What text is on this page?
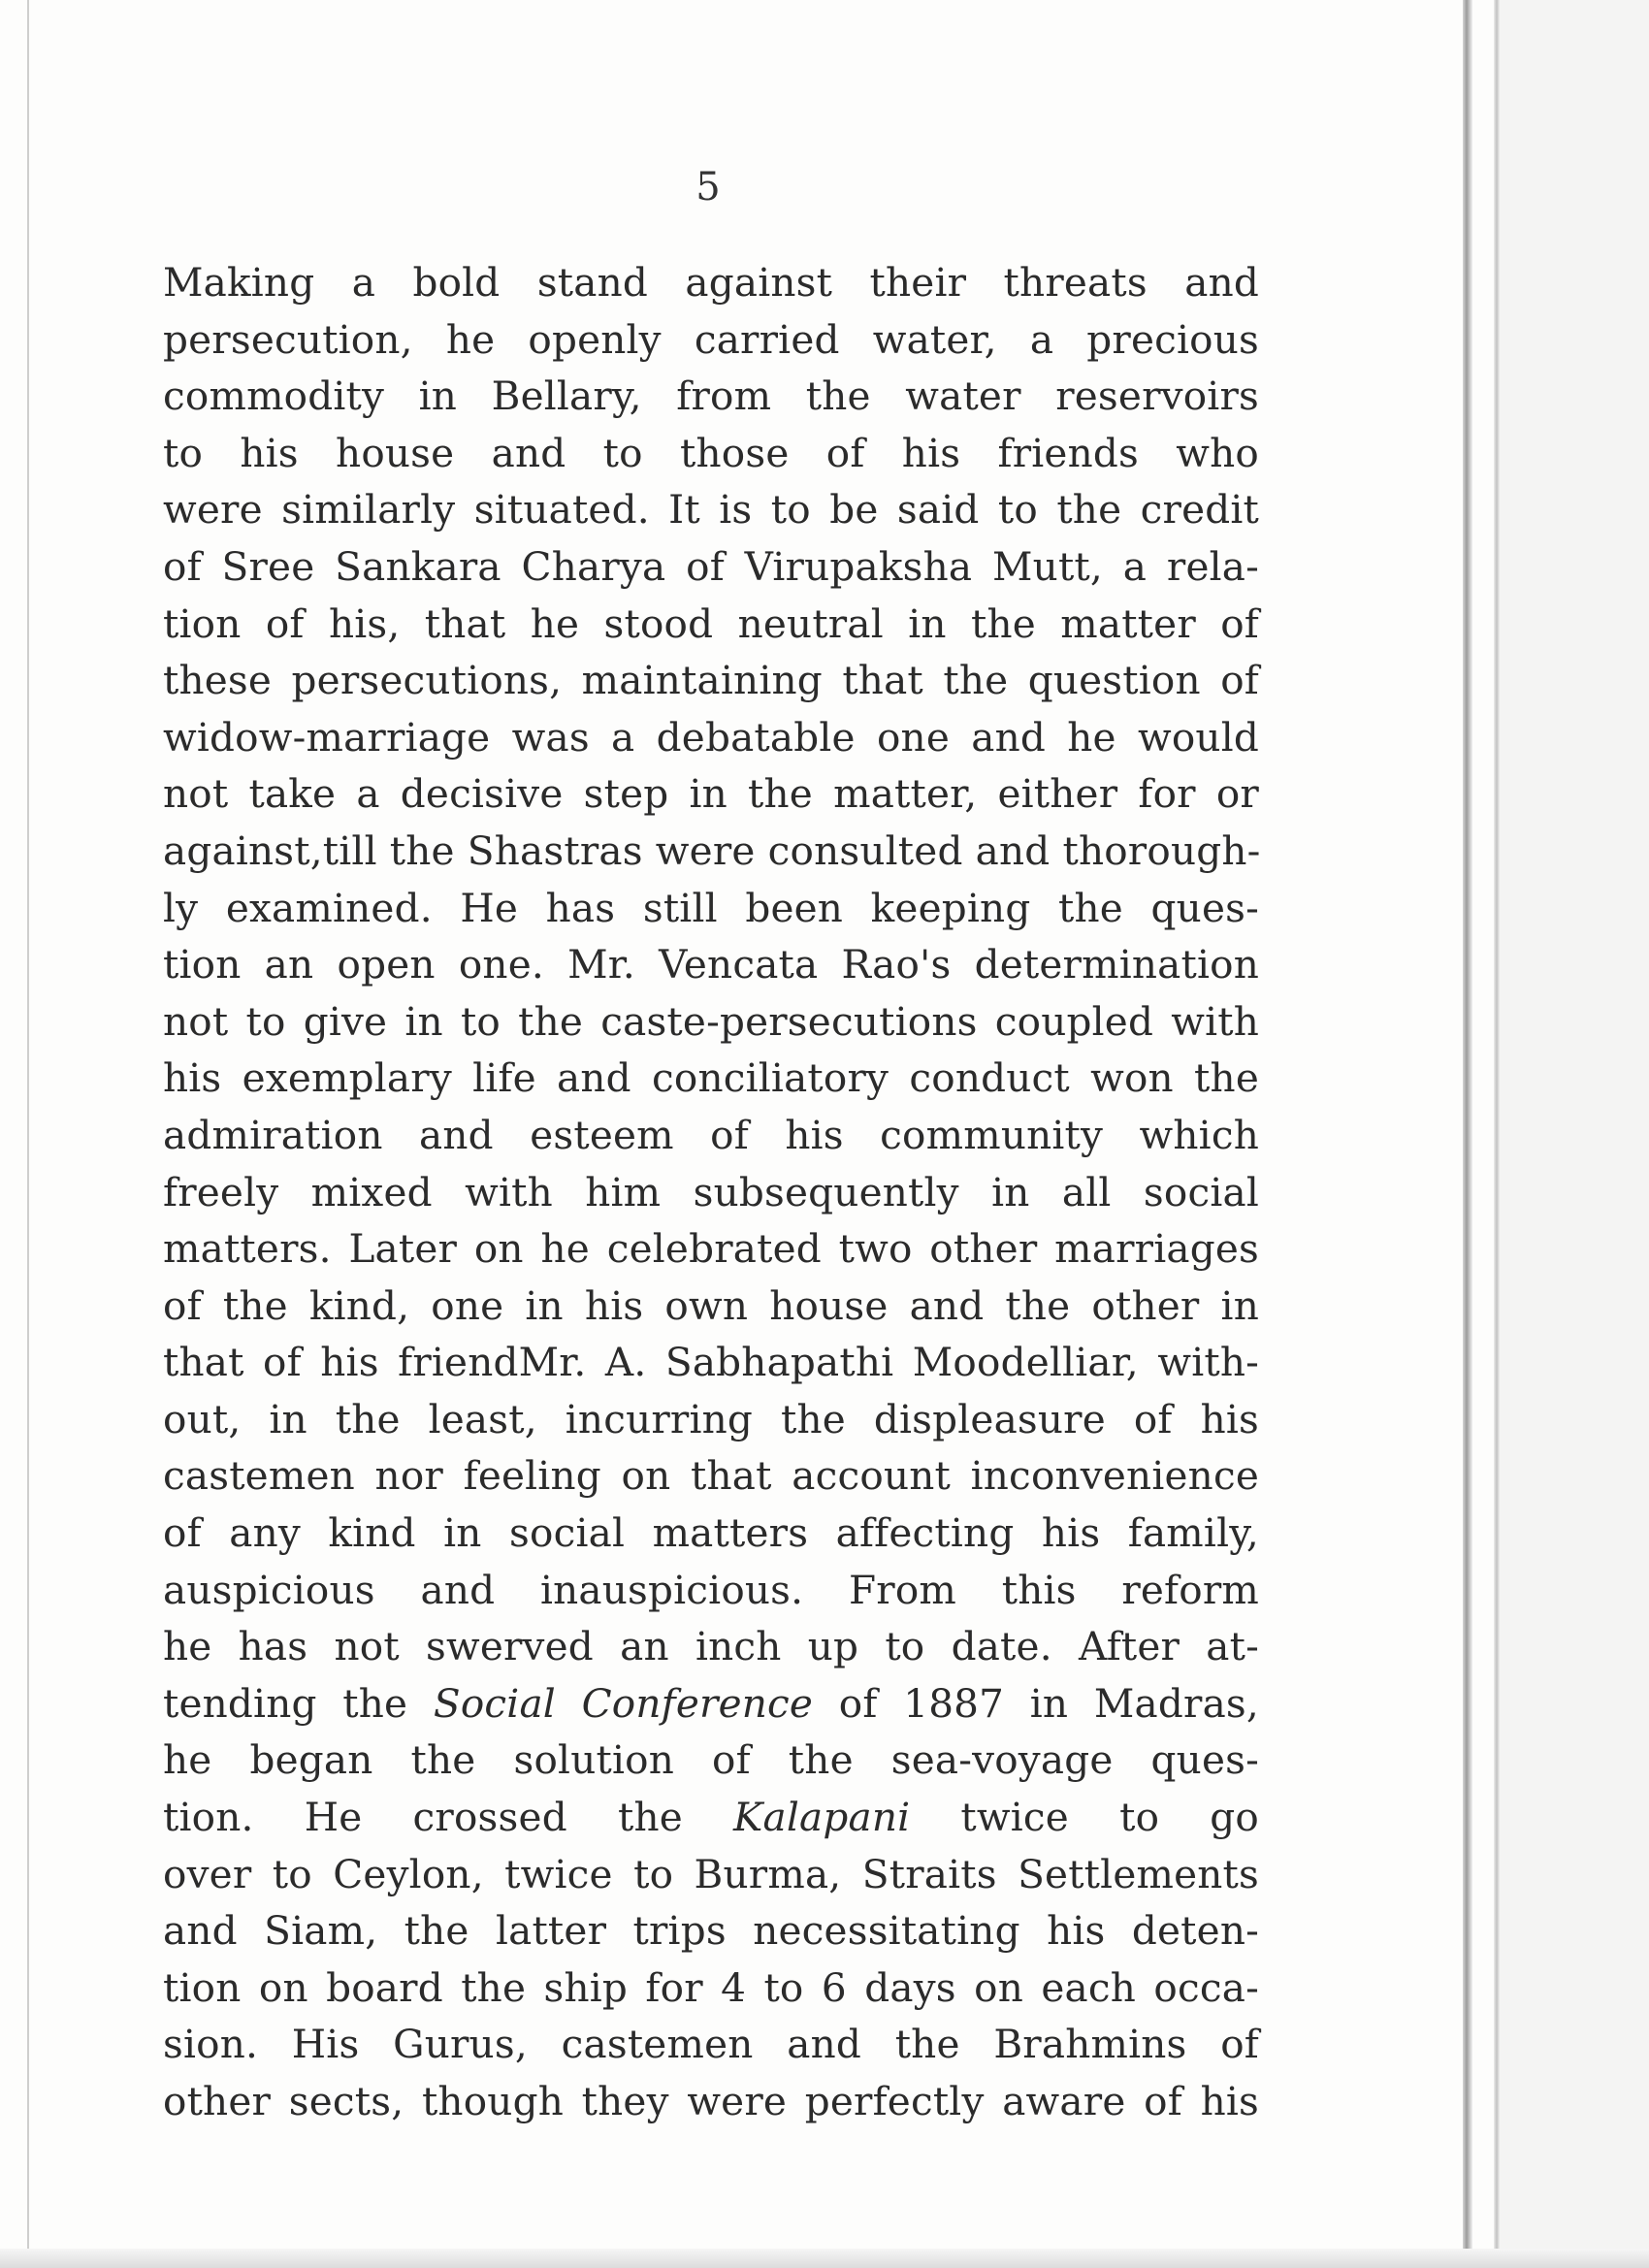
5
Making a bold stand against their threats and
persecution, he openly carried water, a precious
commodity in Bellary, from the water reservoirs
to his house and to those of his friends who
were similarly situated. It is to be said to the credit
of Sree Sankara Charya of Virupaksha Mutt, a rela-
tion of his, that he stood neutral in the matter of
these persecutions, maintaining that the question of
widow-marriage was a debatable one and he would
not take a decisive step in the matter, either for or
against,till the Shastras were consulted and thorough-
ly examined. He has still been keeping the ques-
tion an open one. Mr. Vencata Rao's determination
not to give in to the caste-persecutions coupled with
his exemplary life and conciliatory conduct won the
admiration and esteem of his community which
freely mixed with him subsequently in all social
matters. Later on he celebrated two other marriages
of the kind, one in his own house and the other in
that of his friendMr. A. Sabhapathi Moodelliar, with-
out, in the least, incurring the displeasure of his
castemen nor feeling on that account inconvenience
of any kind in social matters affecting his family,
auspicious and inauspicious. From this reform
he has not swerved an inch up to date. After at-
tending the Social Conference of 1887 in Madras,
he began the solution of the sea-voyage ques-
tion. He crossed the Kalapani twice to go
over to Ceylon, twice to Burma, Straits Settlements
and Siam, the latter trips necessitating his deten-
tion on board the ship for 4 to 6 days on each occa-
sion. His Gurus, castemen and the Brahmins of
other sects, though they were perfectly aware of his
